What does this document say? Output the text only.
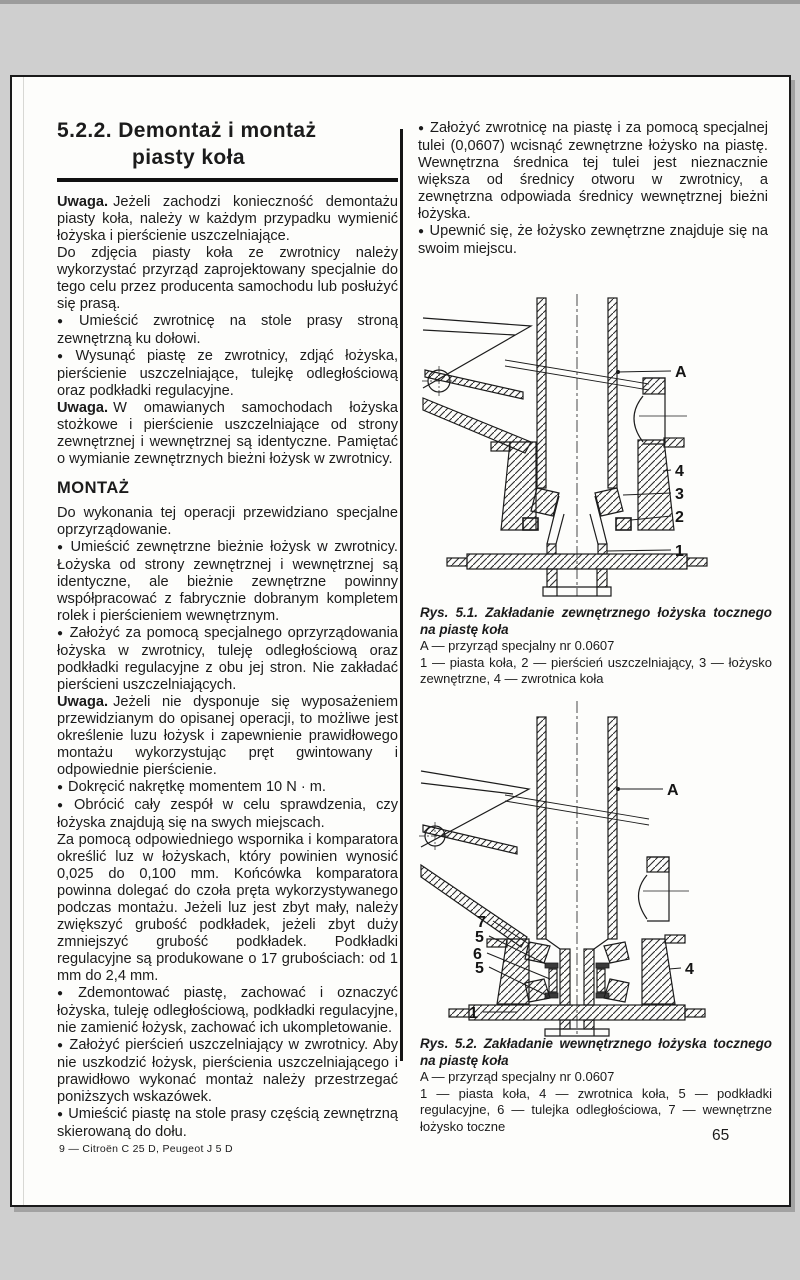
5.2.2. Demontaż i montaż
piasty koła

Uwaga. Jeżeli zachodzi konieczność demontażu piasty koła, należy w każdym przypadku wymienić łożyska i pierścienie uszczelniające.

Do zdjęcia piasty koła ze zwrotnicy należy wykorzystać przyrząd zaprojektowany specjalnie do tego celu przez producenta samochodu lub posłużyć się prasą.

● Umieścić zwrotnicę na stole prasy stroną zewnętrzną ku dołowi.

● Wysunąć piastę ze zwrotnicy, zdjąć łożyska, pierścienie uszczelniające, tulejkę odległościową oraz podkładki regulacyjne.

Uwaga. W omawianych samochodach łożyska stożkowe i pierścienie uszczelniające od strony zewnętrznej i wewnętrznej są identyczne. Pamiętać o wymianie zewnętrznych bieżni łożysk w zwrotnicy.

MONTAŻ

Do wykonania tej operacji przewidziano specjalne oprzyrządowanie.

● Umieścić zewnętrzne bieżnie łożysk w zwrotnicy. Łożyska od strony zewnętrznej i wewnętrznej są identyczne, ale bieżnie zewnętrzne powinny współpracować z fabrycznie dobranym kompletem rolek i pierścieniem wewnętrznym.

● Założyć za pomocą specjalnego oprzyrządowania łożyska w zwrotnicy, tuleję odległościową oraz podkładki regulacyjne z obu jej stron. Nie zakładać pierścieni uszczelniających.

Uwaga. Jeżeli nie dysponuje się wyposażeniem przewidzianym do opisanej operacji, to możliwe jest określenie luzu łożysk i zapewnienie prawidłowego montażu wykorzystując pręt gwintowany i odpowiednie pierścienie.

● Dokręcić nakrętkę momentem 10 N · m.

● Obrócić cały zespół w celu sprawdzenia, czy łożyska znajdują się na swych miejscach.

Za pomocą odpowiedniego wspornika i komparatora określić luz w łożyskach, który powinien wynosić 0,025 do 0,100 mm. Końcówka komparatora powinna dolegać do czoła pręta wykorzystywanego podczas montażu. Jeżeli luz jest zbyt mały, należy zwiększyć grubość podkładek, jeżeli zbyt duży zmniejszyć grubość podkładek. Podkładki regulacyjne są produkowane o 17 grubościach: od 1 mm do 2,4 mm.

● Zdemontować piastę, zachować i oznaczyć łożyska, tuleję odległościową, podkładki regulacyjne, nie zamienić łożysk, zachować ich ukompletowanie.

● Założyć pierścień uszczelniający w zwrotnicy. Aby nie uszkodzić łożysk, pierścienia uszczelniającego i prawidłowo wykonać montaż należy przestrzegać poniższych wskazówek.

● Umieścić piastę na stole prasy częścią zewnętrzną skierowaną do dołu.

● Założyć zwrotnicę na piastę i za pomocą specjalnej tulei (0,0607) wcisnąć zewnętrzne łożysko na piastę. Wewnętrzna średnica tej tulei jest nieznacznie większa od średnicy otworu w zwrotnicy, a zewnętrzna odpowiada średnicy wewnętrznej bieżni łożyska.

● Upewnić się, że łożysko zewnętrzne znajduje się na swoim miejscu.

A
4
3
2
1

Rys. 5.1. Zakładanie zewnętrznego łożyska tocznego na piastę koła

A — przyrząd specjalny nr 0.0607

1 — piasta koła, 2 — pierścień uszczelniający, 3 — łożysko zewnętrzne, 4 — zwrotnica koła

A
7
5
6
5	4
1

Rys. 5.2. Zakładanie wewnętrznego łożyska tocznego na piastę koła

A — przyrząd specjalny nr 0.0607

1 — piasta koła, 4 — zwrotnica koła, 5 — podkładki regulacyjne, 6 — tulejka odległościowa, 7 — wewnętrzne łożysko toczne

9 — Citroën C 25 D, Peugeot J 5 D
65
